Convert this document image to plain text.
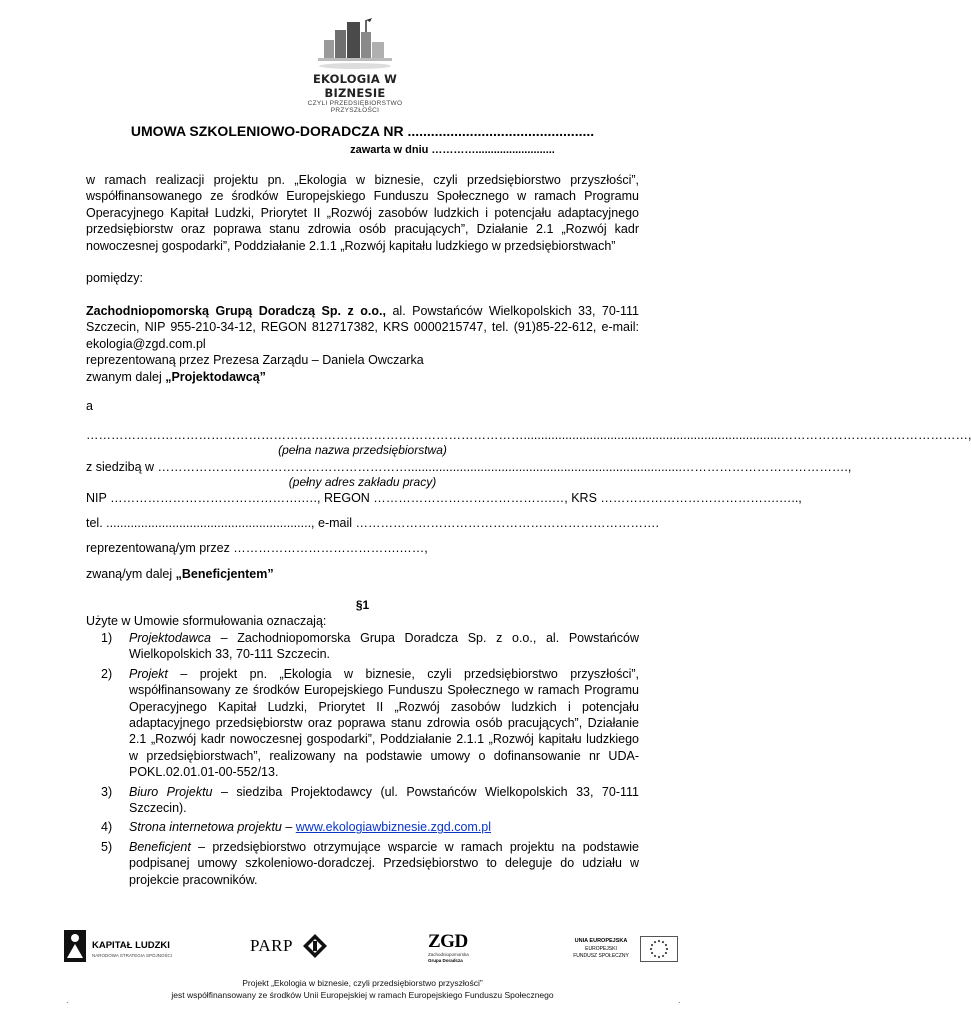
EKOLOGIA W BIZNESIE
CZYLI PRZEDSIĘBIORSTWO PRZYSZŁOŚCI
UMOWA SZKOLENIOWO-DORADCZA NR ................................................
zawarta w dniu …………..........................
w ramach realizacji projektu pn. „Ekologia w biznesie, czyli przedsiębiorstwo przyszłości”, współfinansowanego ze środków Europejskiego Funduszu Społecznego w ramach Programu Operacyjnego Kapitał Ludzki, Priorytet II „Rozwój zasobów ludzkich i potencjału adaptacyjnego przedsiębiorstw oraz poprawa stanu zdrowia osób pracujących”, Działanie 2.1 „Rozwój kadr nowoczesnej gospodarki”, Poddziałanie 2.1.1 „Rozwój kapitału ludzkiego w przedsiębiorstwach”
pomiędzy:
Zachodniopomorską Grupą Doradczą Sp. z o.o., al. Powstańców Wielkopolskich 33, 70-111 Szczecin, NIP 955-210-34-12, REGON 812717382, KRS 0000215747, tel. (91)85-22-612, e-mail: ekologia@zgd.com.pl
reprezentowaną przez Prezesa Zarządu – Daniela Owczarka
zwanym dalej „Projektodawcą”
a
……………………………………………………………………………………………..........................................................................………………………………………,
(pełna nazwa przedsiębiorstwa)
z siedzibą w ……………………………………………………...............................................................................………………………………….,
(pełny adres zakładu pracy)
NIP ……………………………………….…., REGON …………………………………….…, KRS …………………………………….…..,
tel. ..........................................................., e-mail ……………………………………………………………….
reprezentowaną/ym przez ………………………………….……,
zwaną/ym dalej „Beneficjentem”
§1
Użyte w Umowie sformułowania oznaczają:
1)	Projektodawca – Zachodniopomorska Grupa Doradcza Sp. z o.o., al. Powstańców Wielkopolskich 33, 70-111 Szczecin.
2)	Projekt – projekt pn. „Ekologia w biznesie, czyli przedsiębiorstwo przyszłości”, współfinansowany ze środków Europejskiego Funduszu Społecznego w ramach Programu Operacyjnego Kapitał Ludzki, Priorytet II „Rozwój zasobów ludzkich i potencjału adaptacyjnego przedsiębiorstw oraz poprawa stanu zdrowia osób pracujących”, Działanie 2.1 „Rozwój kadr nowoczesnej gospodarki”, Poddziałanie 2.1.1 „Rozwój kapitału ludzkiego w przedsiębiorstwach”, realizowany na podstawie umowy o dofinansowanie nr UDA-POKL.02.01.01-00-552/13.
3)	Biuro Projektu – siedziba Projektodawcy (ul. Powstańców Wielkopolskich 33, 70-111 Szczecin).
4)	Strona internetowa projektu – www.ekologiawbiznesie.zgd.com.pl
5)	Beneficjent – przedsiębiorstwo otrzymujące wsparcie w ramach projektu na podstawie podpisanej umowy szkoleniowo-doradczej. Przedsiębiorstwo to deleguje do udziału w projekcie pracowników.
KAPITAŁ LUDZKI
NARODOWA STRATEGIA SPÓJNOŚCI
PARP	ZGD
Zachodniopomorska
Grupa Doradcza
UNIA EUROPEJSKA
EUROPEJSKI
FUNDUSZ SPOŁECZNY
Projekt „Ekologia w biznesie, czyli przedsiębiorstwo przyszłości”
jest współfinansowany ze środków Unii Europejskiej w ramach Europejskiego Funduszu Społecznego
.	.
